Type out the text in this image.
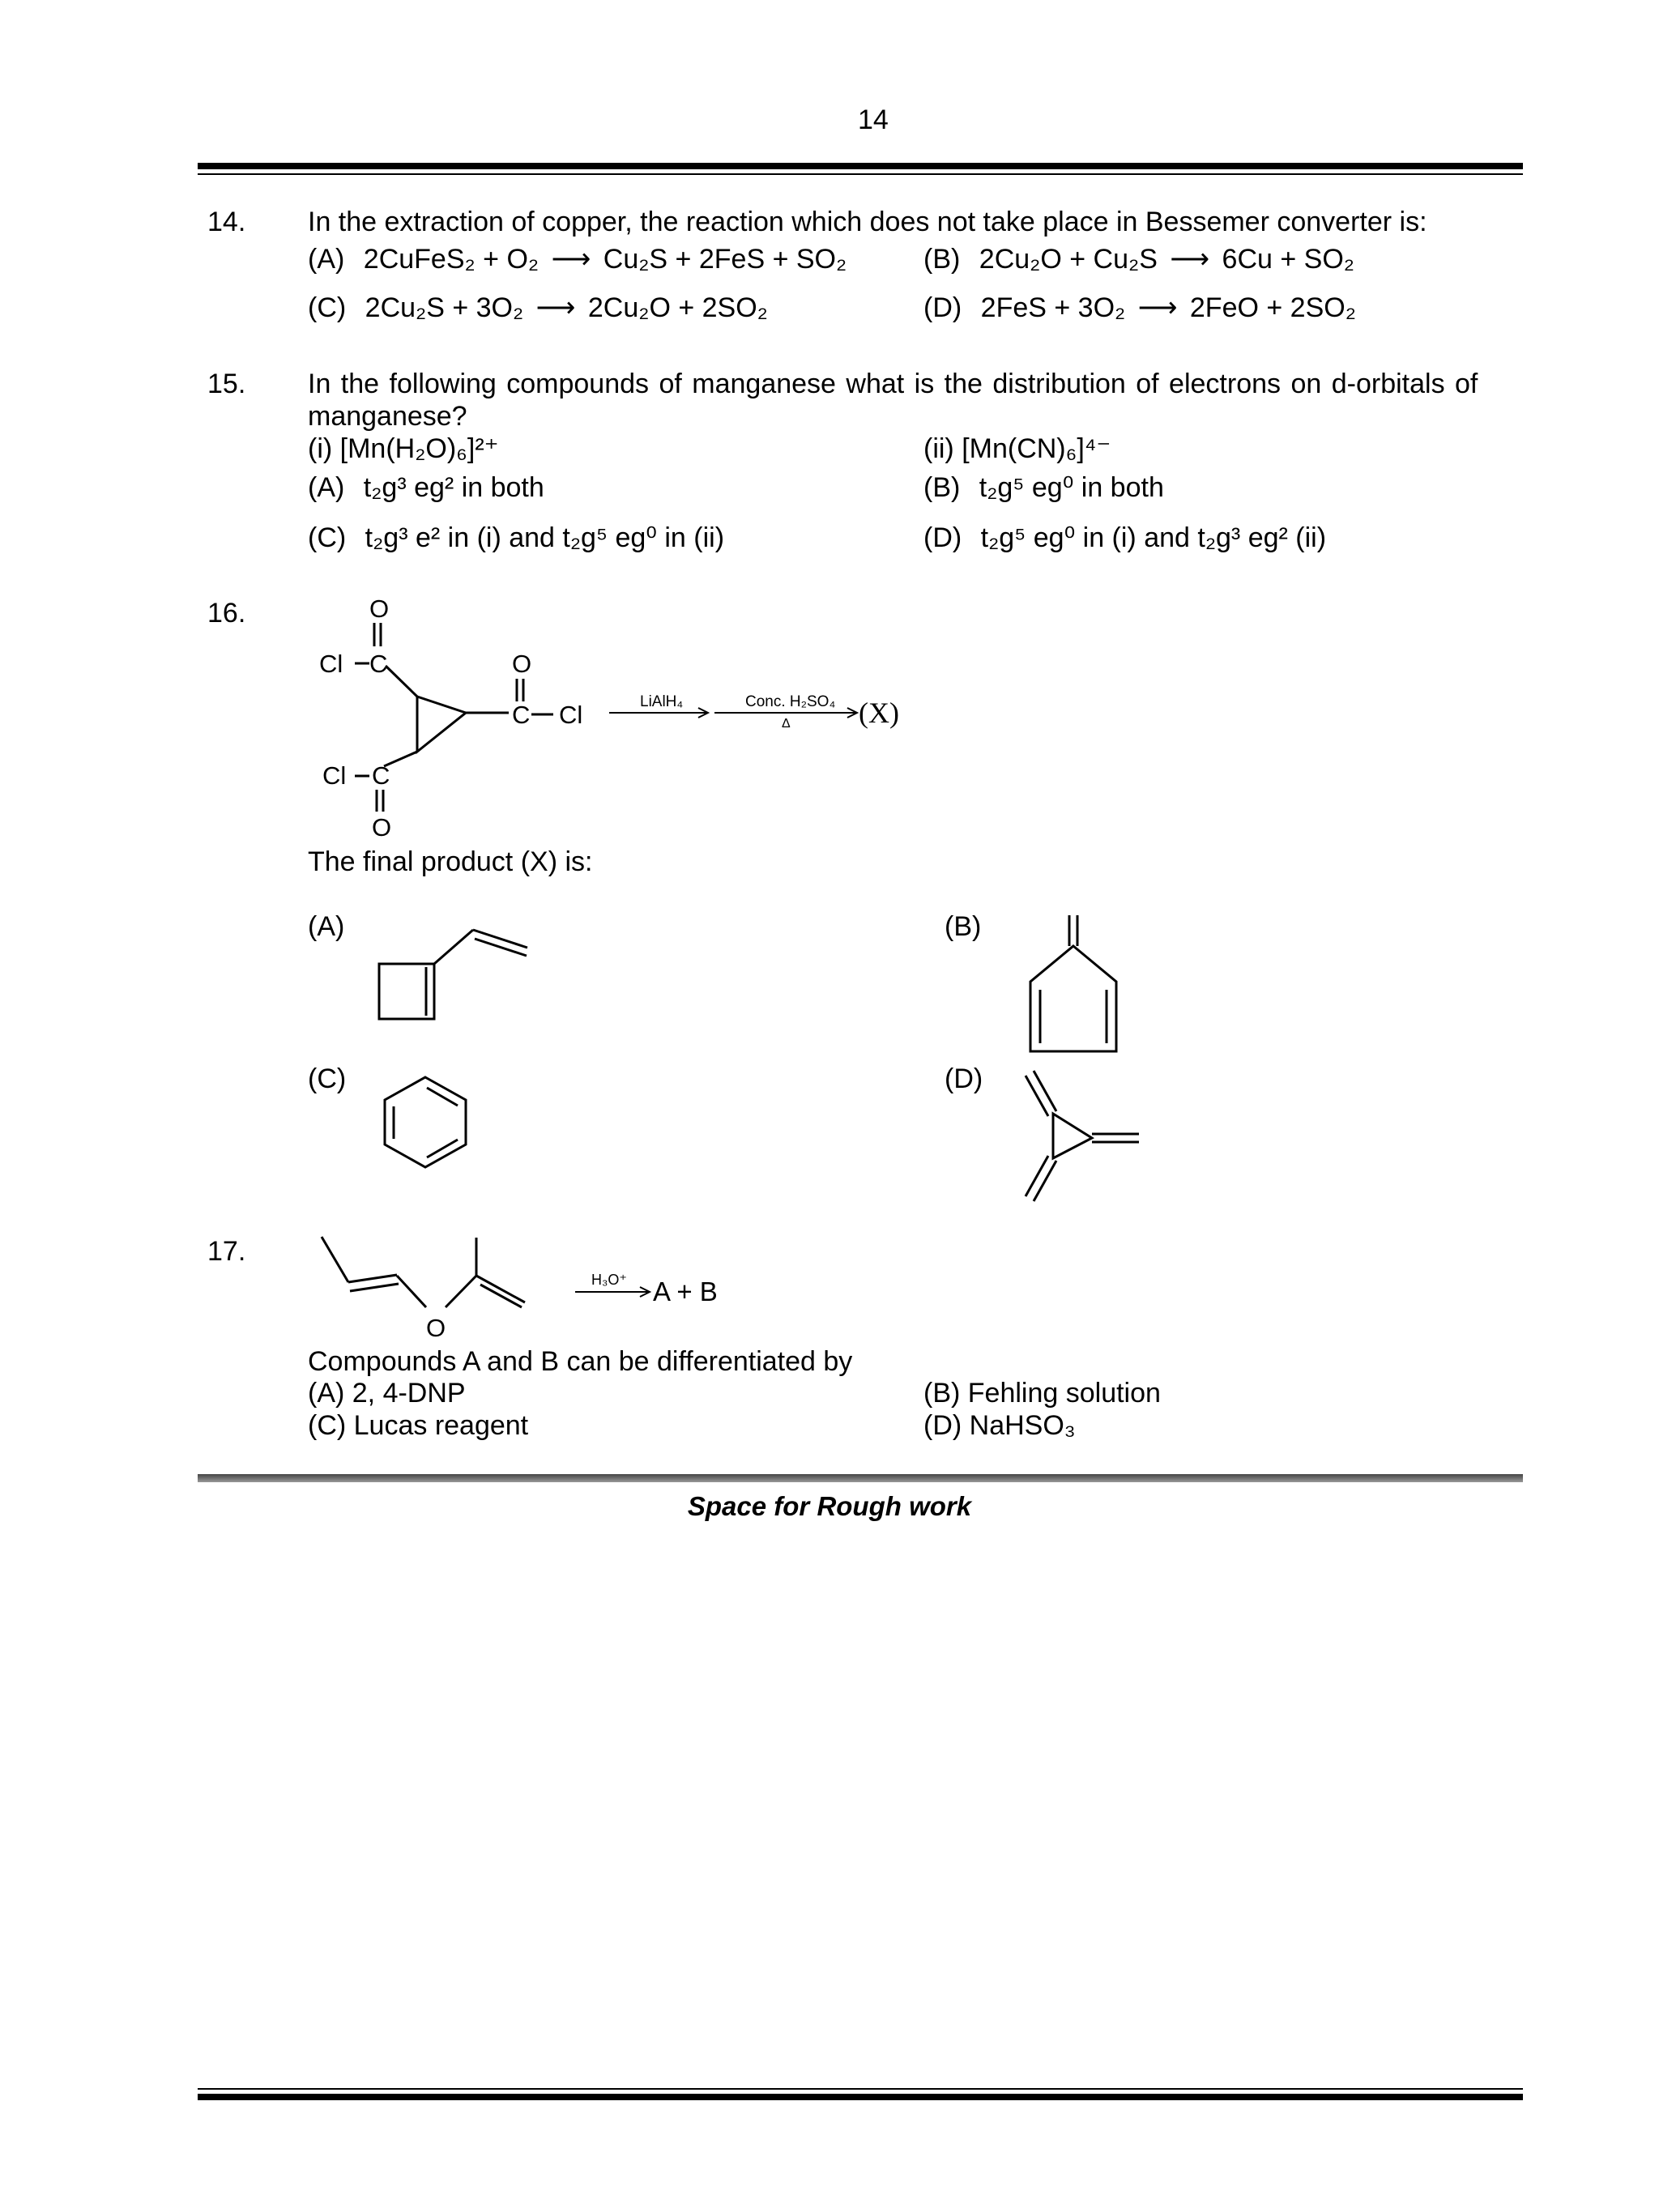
14
14. In the extraction of copper, the reaction which does not take place in Bessemer converter is:
(A) 2CuFeS₂ + O₂ ⟶ Cu₂S + 2FeS + SO₂	(B) 2Cu₂O + Cu₂S ⟶ 6Cu + SO₂
(C) 2Cu₂S + 3O₂ ⟶ 2Cu₂O + 2SO₂	(D) 2FeS + 3O₂ ⟶ 2FeO + 2SO₂
15. In the following compounds of manganese what is the distribution of electrons on d-orbitals of
manganese?
(i) [Mn(H₂O)₆]²⁺	(ii) [Mn(CN)₆]⁴⁻
(A) t₂g³ eg² in both	(B) t₂g⁵ eg⁰ in both
(C) t₂g³ e² in (i) and t₂g⁵ eg⁰ in (ii)	(D) t₂g⁵ eg⁰ in (i) and t₂g³ eg² (ii)
16.	O
Cl C	O
C Cl
Cl C
O
LiAlH₄	Conc. H₂SO₄
Δ (X)
The final product (X) is:
(A)	(B)
(C)	(D)
17.
O
H₃O⁺ A + B
Compounds A and B can be differentiated by
(A) 2, 4-DNP	(B) Fehling solution
(C) Lucas reagent	(D) NaHSO₃
Space for Rough work
